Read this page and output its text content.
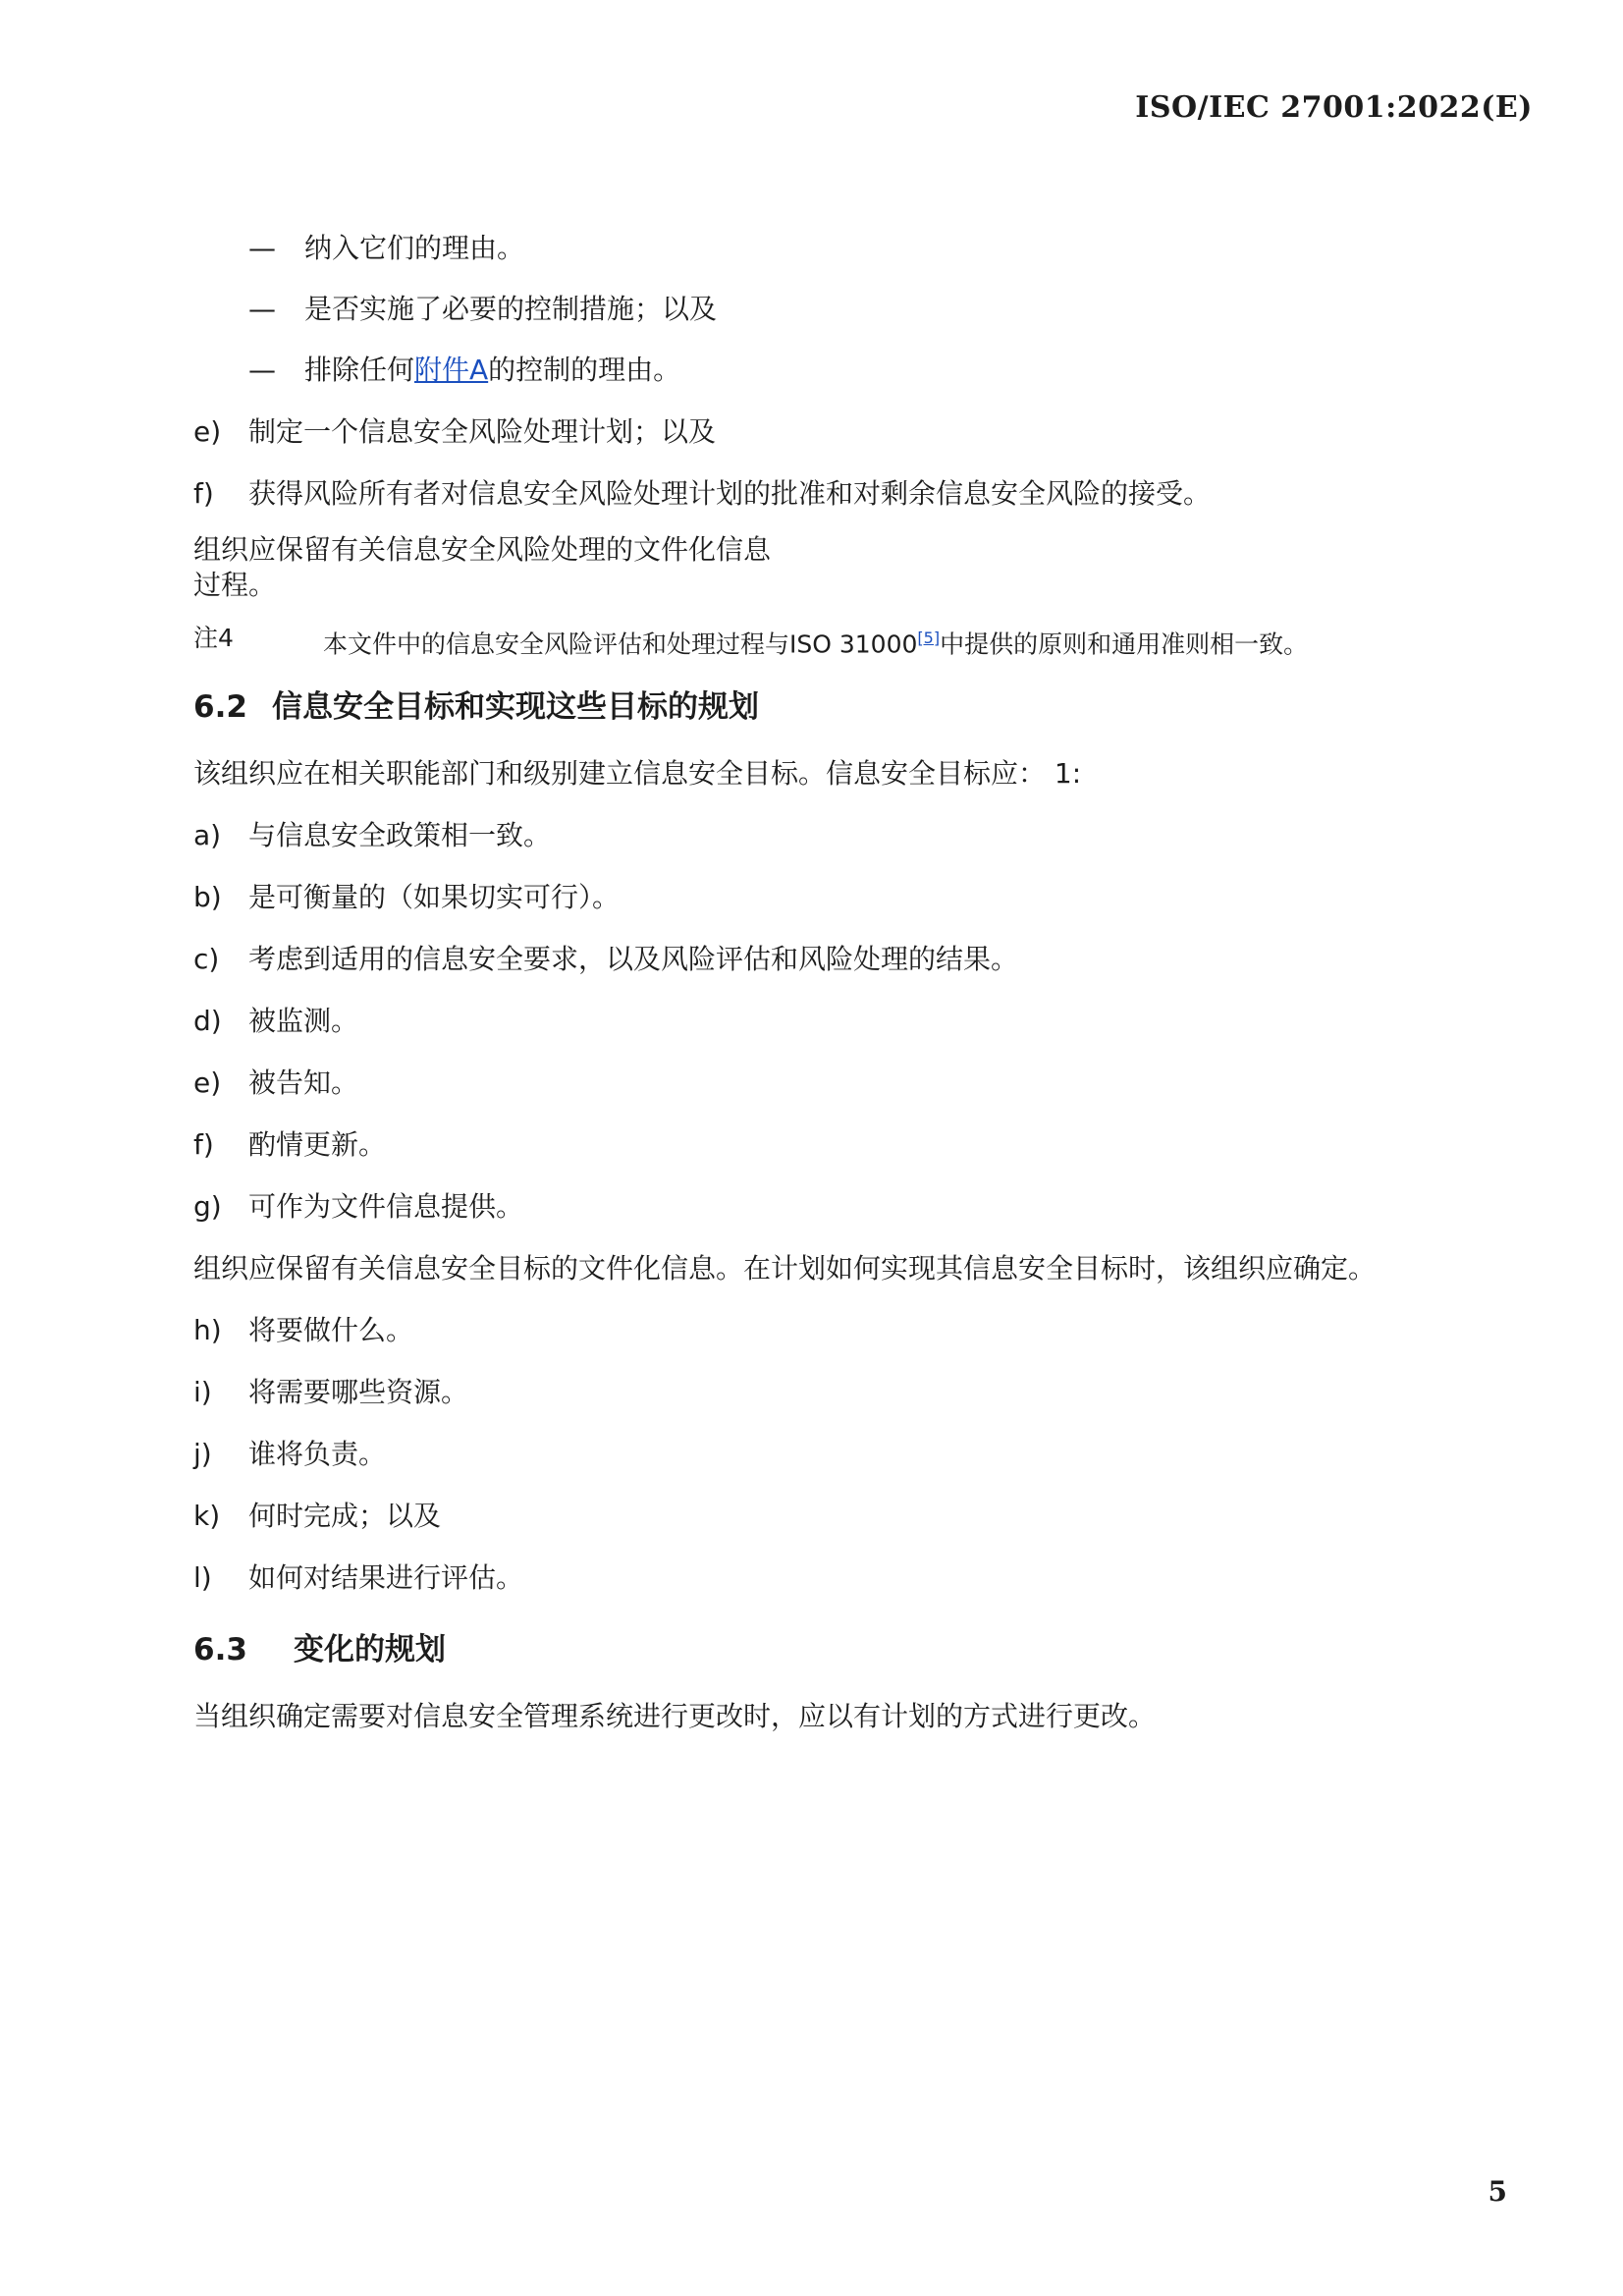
ISO/IEC 27001:2022(E)
— 纳入它们的理由。
— 是否实施了必要的控制措施；以及
— 排除任何附件A的控制的理由。
e) 制定一个信息安全风险处理计划；以及
f) 获得风险所有者对信息安全风险处理计划的批准和对剩余信息安全风险的接受。
组织应保留有关信息安全风险处理的文件化信息
过程。
注4	本文件中的信息安全风险评估和处理过程与ISO 31000[5]中提供的原则和通用准则相一致。
6.2 信息安全目标和实现这些目标的规划
该组织应在相关职能部门和级别建立信息安全目标。信息安全目标应： 1:
a) 与信息安全政策相一致。
b) 是可衡量的（如果切实可行）。
c) 考虑到适用的信息安全要求，以及风险评估和风险处理的结果。
d) 被监测。
e) 被告知。
f) 酌情更新。
g) 可作为文件信息提供。
组织应保留有关信息安全目标的文件化信息。在计划如何实现其信息安全目标时，该组织应确定。
h) 将要做什么。
i) 将需要哪些资源。
j) 谁将负责。
k) 何时完成；以及
l) 如何对结果进行评估。
6.3 变化的规划
当组织确定需要对信息安全管理系统进行更改时，应以有计划的方式进行更改。
5
